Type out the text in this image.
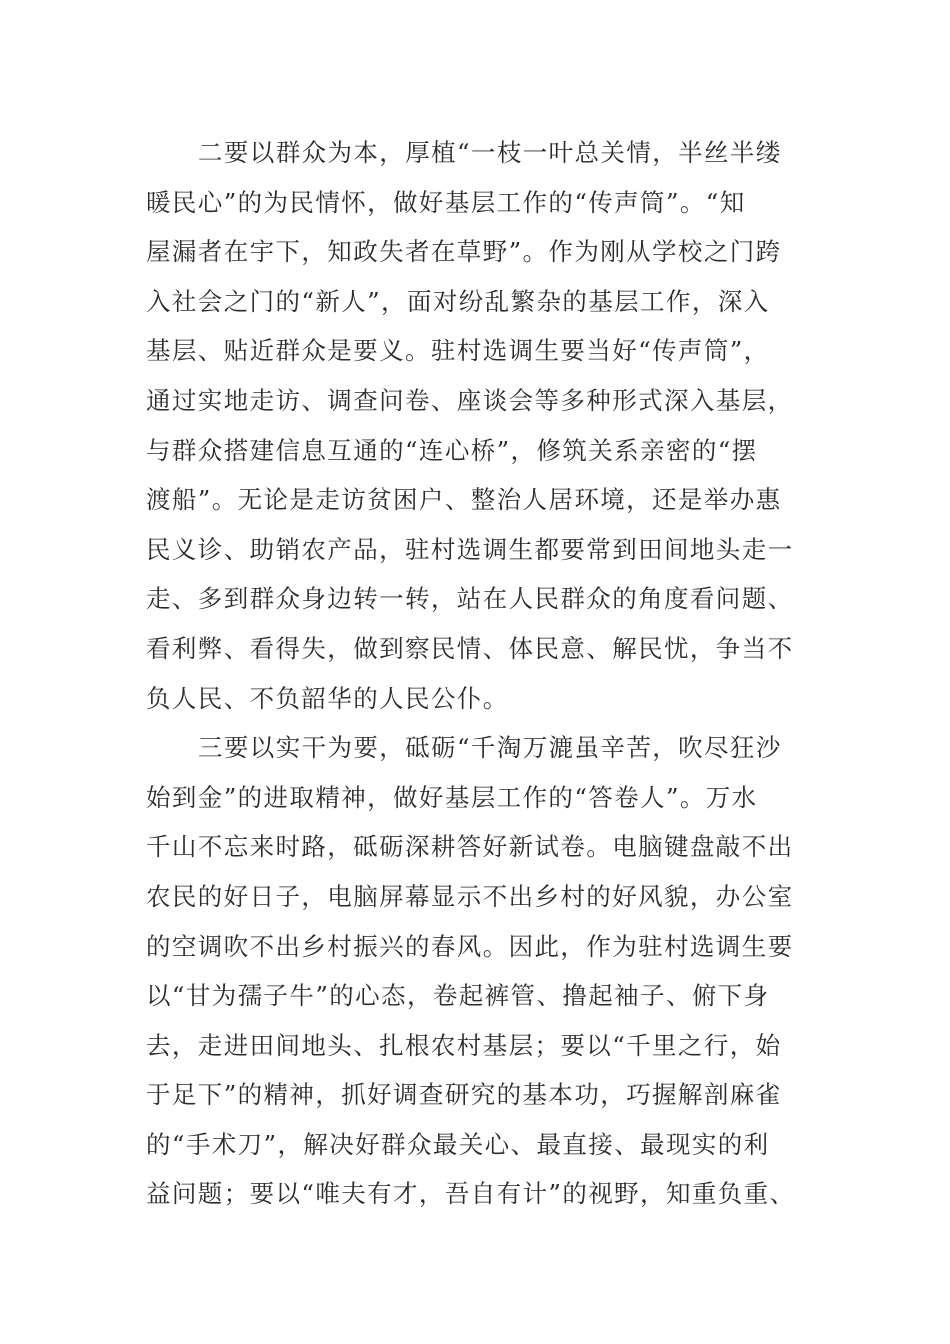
二要以群众为本，厚植“一枝一叶总关情，半丝半缕
暖民心”的为民情怀，做好基层工作的“传声筒”。“知
屋漏者在宇下，知政失者在草野”。作为刚从学校之门跨
入社会之门的“新人”，面对纷乱繁杂的基层工作，深入
基层、贴近群众是要义。驻村选调生要当好“传声筒”，
通过实地走访、调查问卷、座谈会等多种形式深入基层，
与群众搭建信息互通的“连心桥”，修筑关系亲密的“摆
渡船”。无论是走访贫困户、整治人居环境，还是举办惠
民义诊、助销农产品，驻村选调生都要常到田间地头走一
走、多到群众身边转一转，站在人民群众的角度看问题、
看利弊、看得失，做到察民情、体民意、解民忧，争当不
负人民、不负韶华的人民公仆。
三要以实干为要，砥砺“千淘万漉虽辛苦，吹尽狂沙
始到金”的进取精神，做好基层工作的“答卷人”。万水
千山不忘来时路，砥砺深耕答好新试卷。电脑键盘敲不出
农民的好日子，电脑屏幕显示不出乡村的好风貌，办公室
的空调吹不出乡村振兴的春风。因此，作为驻村选调生要
以“甘为孺子牛”的心态，卷起裤管、撸起袖子、俯下身
去，走进田间地头、扎根农村基层；要以“千里之行，始
于足下”的精神，抓好调查研究的基本功，巧握解剖麻雀
的“手术刀”，解决好群众最关心、最直接、最现实的利
益问题；要以“唯夫有才，吾自有计”的视野，知重负重、
